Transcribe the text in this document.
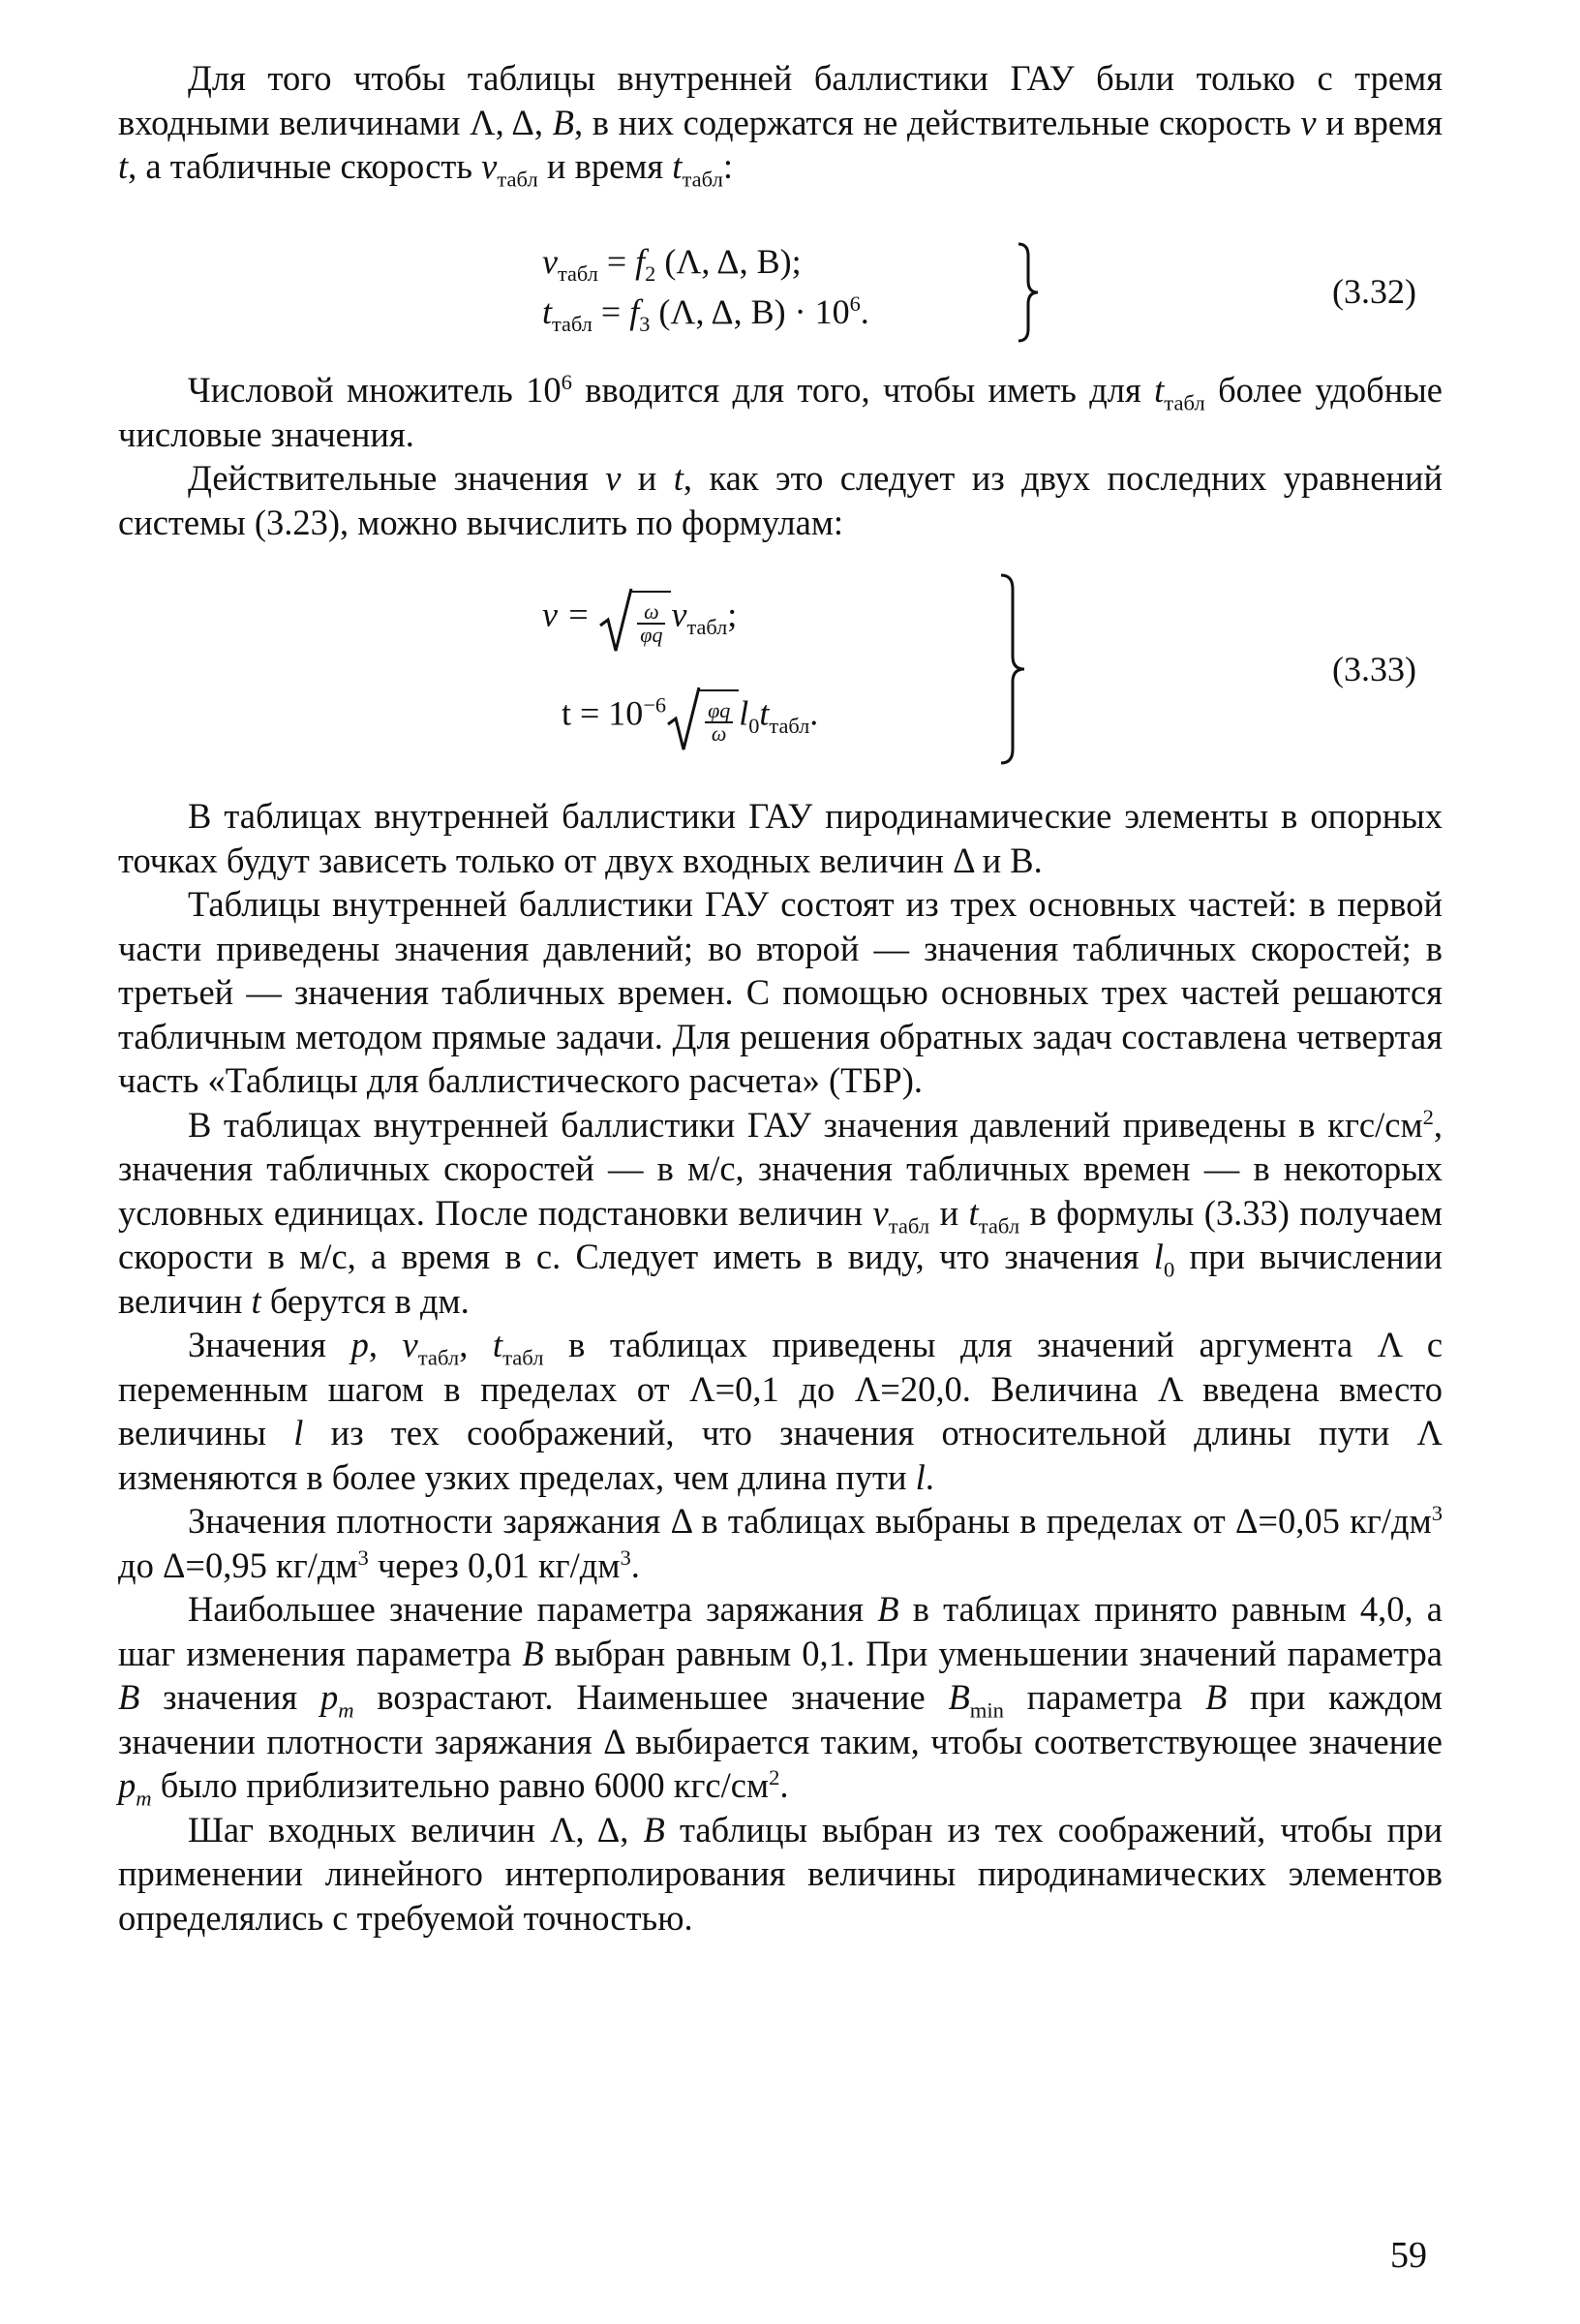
Для того чтобы таблицы внутренней баллистики ГАУ были только с тремя входными величинами Λ, Δ, B, в них содержатся не действительные скорость v и время t, а табличные скорость $v_{табл}$ и время $t_{табл}$:

$v_{табл} = f_2$ (Λ, Δ, B);
$t_{табл} = f_3$ (Λ, Δ, $B) \cdot 10^6$.
(3.32)

Числовой множитель $10^6$ вводится для того, чтобы иметь для $t_{табл}$ более удобные числовые значения.

Действительные значения v и t, как это следует из двух последних уравнений системы (3.23), можно вычислить по формулам:

$v = \frac{\omega}{\varphi q} v_{табл}$;
$t = 10^{-6} \frac{\varphi q}{\omega} l_0t_{табл}$.
(3.33)

В таблицах внутренней баллистики ГАУ пиродинамические элементы в опорных точках будут зависеть только от двух входных величин Δ и B.

Таблицы внутренней баллистики ГАУ состоят из трех основных частей: в первой части приведены значения давлений; во второй — значения табличных скоростей; в третьей — значения табличных времен. С помощью основных трех частей решаются табличным методом прямые задачи. Для решения обратных задач составлена четвертая часть «Таблицы для баллистического расчета» (ТБР).

В таблицах внутренней баллистики ГАУ значения давлений приведены в кгс/$см^2$, значения табличных скоростей — в м/с, значения табличных времен — в некоторых условных единицах. После подстановки величин $v_{табл}$ и $t_{табл}$ в формулы (3.33) получаем скорости в м/с, а время в с. Следует иметь в виду, что значения $l_0$ при вычислении величин t берутся в дм.

Значения p, $v_{табл}$, $t_{табл}$ в таблицах приведены для значений аргумента Λ с переменным шагом в пределах от Λ=0,1 до Λ=20,0. Величина Λ введена вместо величины l из тех соображений, что значения относительной длины пути Λ изменяются в более узких пределах, чем длина пути l.

Значения плотности заряжания Δ в таблицах выбраны в пределах от Δ=0,05 $кг/дм^3$ до Δ=0,95 $кг/дм^3$ через 0,01 $кг/дм^3$.

Наибольшее значение параметра заряжания B в таблицах принято равным 4,0, а шаг изменения параметра B выбран равным 0,1. При уменьшении значений параметра B значения $p_m$ возрастают. Наименьшее значение $B_{min}$ параметра B при каждом значении плотности заряжания Δ выбирается таким, чтобы соответствующее значение $p_m$ было приблизительно равно 6000 кгс/$см^2$.

Шаг входных величин Λ, Δ, B таблицы выбран из тех соображений, чтобы при применении линейного интерполирования величины пиродинамических элементов определялись с требуемой точностью.

59
